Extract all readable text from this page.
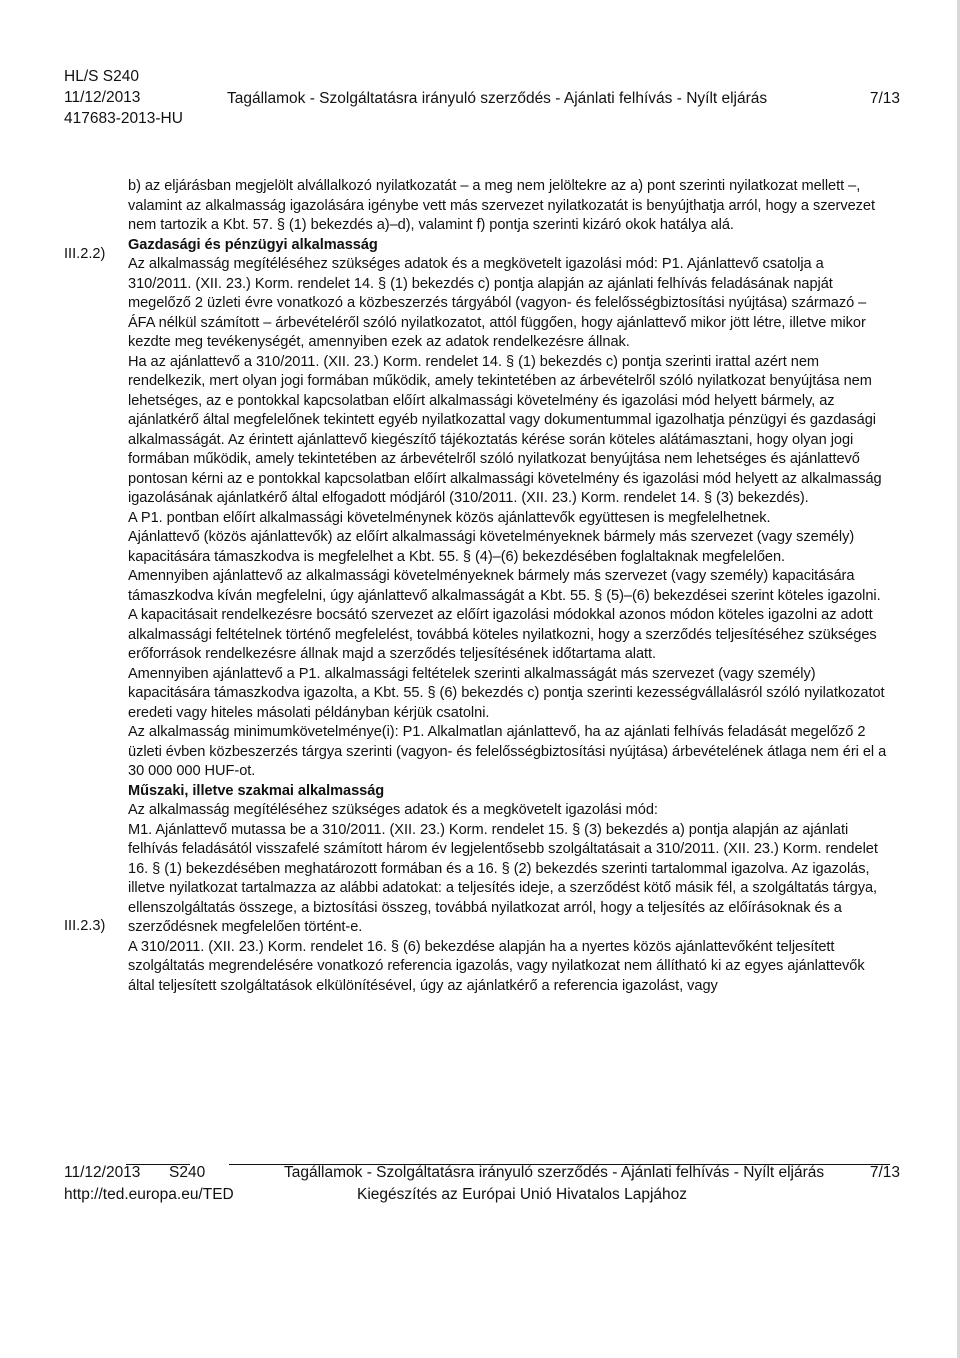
HL/S S240
11/12/2013
417683-2013-HU
Tagállamok - Szolgáltatásra irányuló szerződés - Ajánlati felhívás - Nyílt eljárás	7/13
III.2.2)
III.2.3)

b) az eljárásban megjelölt alvállalkozó nyilatkozatát – a meg nem jelöltekre az a) pont szerinti nyilatkozat mellett –, valamint az alkalmasság igazolására igénybe vett más szervezet nyilatkozatát is benyújthatja arról, hogy a szervezet nem tartozik a Kbt. 57. § (1) bekezdés a)–d), valamint f) pontja szerinti kizáró okok hatálya alá.

Gazdasági és pénzügyi alkalmasság

Az alkalmasság megítéléséhez szükséges adatok és a megkövetelt igazolási mód: P1. Ajánlattevő csatolja a 310/2011. (XII. 23.) Korm. rendelet 14. § (1) bekezdés c) pontja alapján az ajánlati felhívás feladásának napját megelőző 2 üzleti évre vonatkozó a közbeszerzés tárgyából (vagyon- és felelősségbiztosítási nyújtása) származó – ÁFA nélkül számított – árbevételéről szóló nyilatkozatot, attól függően, hogy ajánlattevő mikor jött létre, illetve mikor kezdte meg tevékenységét, amennyiben ezek az adatok rendelkezésre állnak.

Ha az ajánlattevő a 310/2011. (XII. 23.) Korm. rendelet 14. § (1) bekezdés c) pontja szerinti irattal azért nem rendelkezik, mert olyan jogi formában működik, amely tekintetében az árbevételről szóló nyilatkozat benyújtása nem lehetséges, az e pontokkal kapcsolatban előírt alkalmassági követelmény és igazolási mód helyett bármely, az ajánlatkérő által megfelelőnek tekintett egyéb nyilatkozattal vagy dokumentummal igazolhatja pénzügyi és gazdasági alkalmasságát. Az érintett ajánlattevő kiegészítő tájékoztatás kérése során köteles alátámasztani, hogy olyan jogi formában működik, amely tekintetében az árbevételről szóló nyilatkozat benyújtása nem lehetséges és ajánlattevő pontosan kérni az e pontokkal kapcsolatban előírt alkalmassági követelmény és igazolási mód helyett az alkalmasság igazolásának ajánlatkérő által elfogadott módjáról (310/2011. (XII. 23.) Korm. rendelet 14. § (3) bekezdés).

A P1. pontban előírt alkalmassági követelménynek közös ajánlattevők együttesen is megfelelhetnek.

Ajánlattevő (közös ajánlattevők) az előírt alkalmassági követelményeknek bármely más szervezet (vagy személy) kapacitására támaszkodva is megfelelhet a Kbt. 55. § (4)–(6) bekezdésében foglaltaknak megfelelően.

Amennyiben ajánlattevő az alkalmassági követelményeknek bármely más szervezet (vagy személy) kapacitására támaszkodva kíván megfelelni, úgy ajánlattevő alkalmasságát a Kbt. 55. § (5)–(6) bekezdései szerint köteles igazolni.

A kapacitásait rendelkezésre bocsátó szervezet az előírt igazolási módokkal azonos módon köteles igazolni az adott alkalmassági feltételnek történő megfelelést, továbbá köteles nyilatkozni, hogy a szerződés teljesítéséhez szükséges erőforrások rendelkezésre állnak majd a szerződés teljesítésének időtartama alatt.

Amennyiben ajánlattevő a P1. alkalmassági feltételek szerinti alkalmasságát más szervezet (vagy személy) kapacitására támaszkodva igazolta, a Kbt. 55. § (6) bekezdés c) pontja szerinti kezességvállalásról szóló nyilatkozatot eredeti vagy hiteles másolati példányban kérjük csatolni.

Az alkalmasság minimumkövetelménye(i): P1. Alkalmatlan ajánlattevő, ha az ajánlati felhívás feladását megelőző 2 üzleti évben közbeszerzés tárgya szerinti (vagyon- és felelősségbiztosítási nyújtása) árbevételének átlaga nem éri el a 30 000 000 HUF-ot.

Műszaki, illetve szakmai alkalmasság

Az alkalmasság megítéléséhez szükséges adatok és a megkövetelt igazolási mód:

M1. Ajánlattevő mutassa be a 310/2011. (XII. 23.) Korm. rendelet 15. § (3) bekezdés a) pontja alapján az ajánlati felhívás feladásától visszafelé számított három év legjelentősebb szolgáltatásait a 310/2011. (XII. 23.) Korm. rendelet 16. § (1) bekezdésében meghatározott formában és a 16. § (2) bekezdés szerinti tartalommal igazolva. Az igazolás, illetve nyilatkozat tartalmazza az alábbi adatokat: a teljesítés ideje, a szerződést kötő másik fél, a szolgáltatás tárgya, ellenszolgáltatás összege, a biztosítási összeg, továbbá nyilatkozat arról, hogy a teljesítés az előírásoknak és a szerződésnek megfelelően történt-e.

A 310/2011. (XII. 23.) Korm. rendelet 16. § (6) bekezdése alapján ha a nyertes közös ajánlattevőként teljesített szolgáltatás megrendelésére vonatkozó referencia igazolás, vagy nyilatkozat nem állítható ki az egyes ajánlattevők által teljesített szolgáltatások elkülönítésével, úgy az ajánlatkérő a referencia igazolást, vagy

11/12/2013 S240
http://ted.europa.eu/TED
Tagállamok - Szolgáltatásra irányuló szerződés - Ajánlati felhívás - Nyílt eljárás
Kiegészítés az Európai Unió Hivatalos Lapjához
7/13
